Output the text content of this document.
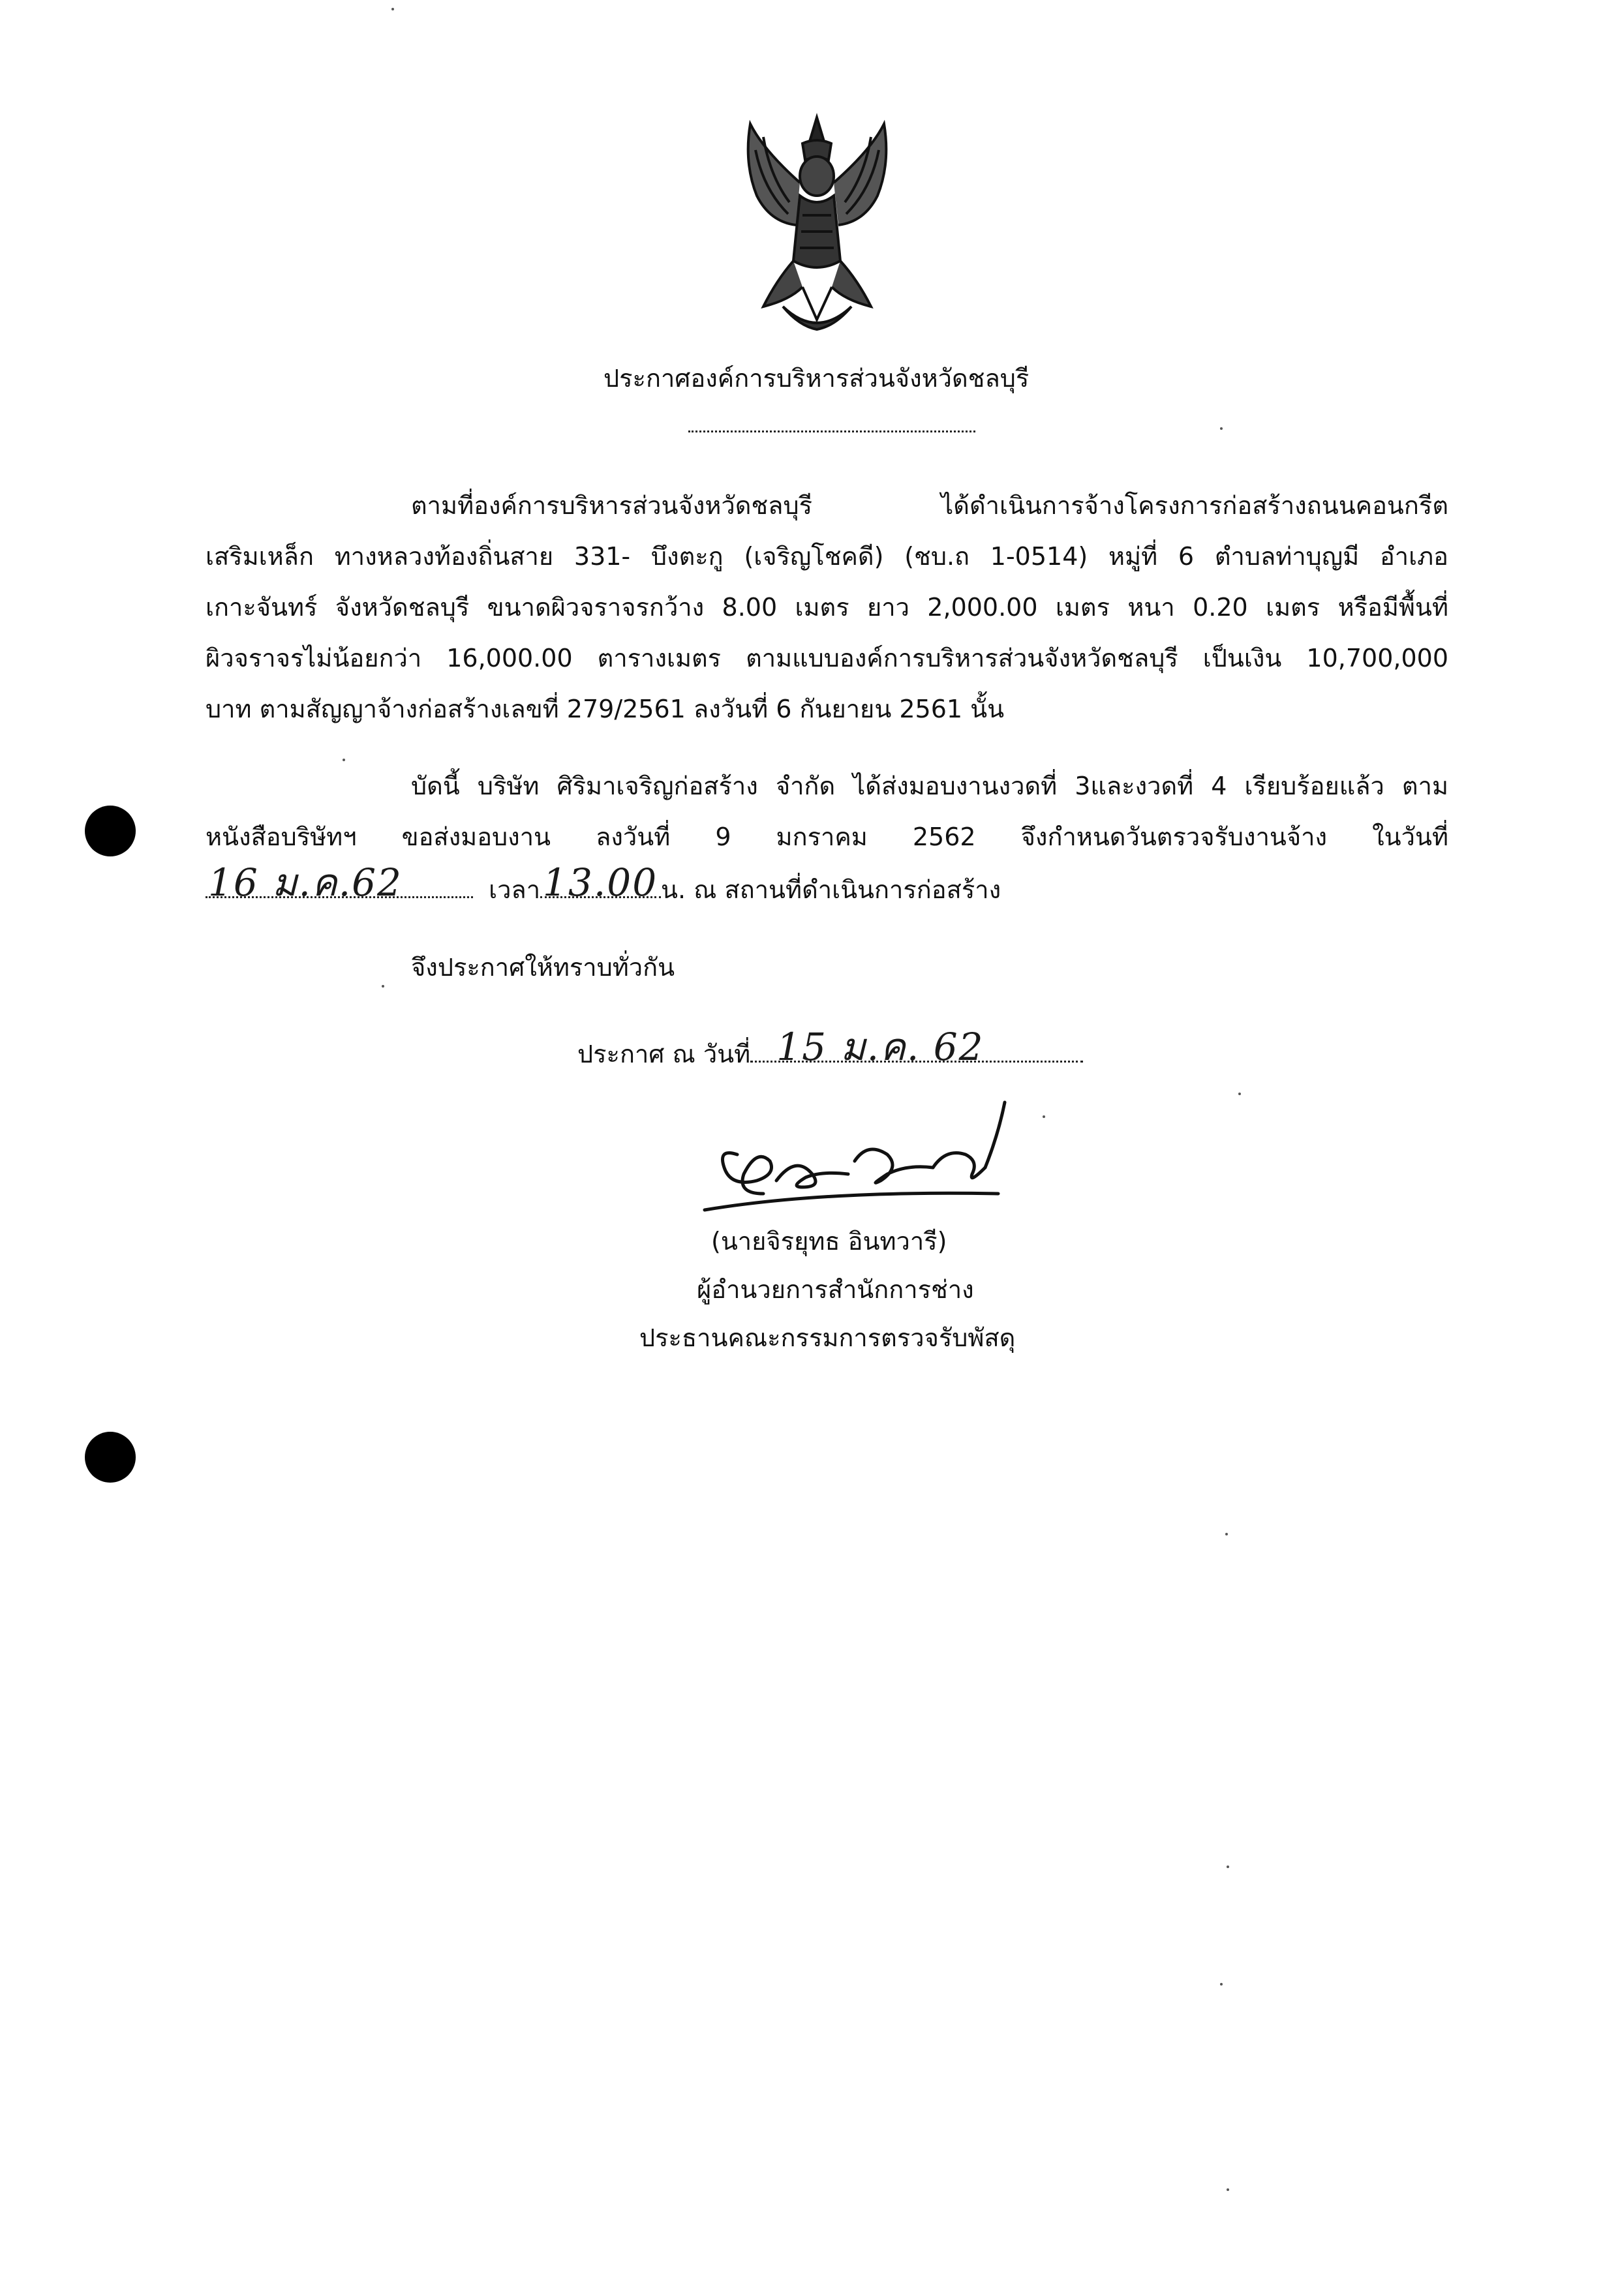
ประกาศองค์การบริหารส่วนจังหวัดชลบุรี
ตามที่องค์การบริหารส่วนจังหวัดชลบุรี ได้ดำเนินการจ้างโครงการก่อสร้างถนนคอนกรีต
เสริมเหล็ก ทางหลวงท้องถิ่นสาย 331- บึงตะกู (เจริญโชคดี) (ชบ.ถ 1-0514) หมู่ที่ 6 ตำบลท่าบุญมี อำเภอ
เกาะจันทร์ จังหวัดชลบุรี ขนาดผิวจราจรกว้าง 8.00 เมตร ยาว 2,000.00 เมตร หนา 0.20 เมตร หรือมีพื้นที่
ผิวจราจรไม่น้อยกว่า 16,000.00 ตารางเมตร ตามแบบองค์การบริหารส่วนจังหวัดชลบุรี เป็นเงิน 10,700,000
บาท ตามสัญญาจ้างก่อสร้างเลขที่ 279/2561 ลงวันที่ 6 กันยายน 2561 นั้น
บัดนี้ บริษัท ศิริมาเจริญก่อสร้าง จำกัด ได้ส่งมอบงานงวดที่ 3และงวดที่ 4 เรียบร้อยแล้ว ตาม
หนังสือบริษัทฯ ขอส่งมอบงาน ลงวันที่ 9 มกราคม 2562 จึงกำหนดวันตรวจรับงานจ้าง ในวันที่
16 ม.ค.62	เวลา 13.00 น. ณ สถานที่ดำเนินการก่อสร้าง
จึงประกาศให้ทราบทั่วกัน
ประกาศ ณ วันที่ 15 ม.ค. 62
จิรยุทธ อินทวารี
(นายจิรยุทธ อินทวารี)
ผู้อำนวยการสำนักการช่าง
ประธานคณะกรรมการตรวจรับพัสดุ
